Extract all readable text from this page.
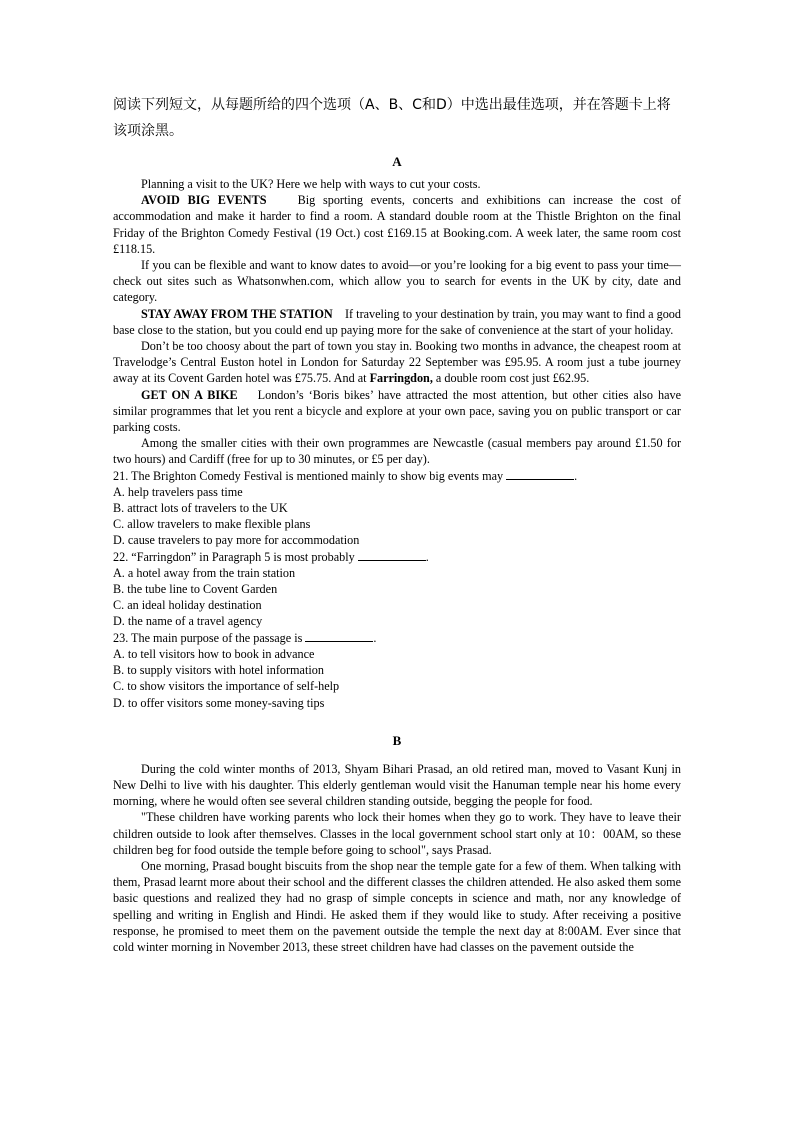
阅读下列短文，从每题所给的四个选项（A、B、C和D）中选出最佳选项，并在答题卡上将该项涂黑。

A

Planning a visit to the UK? Here we help with ways to cut your costs.

AVOID BIG EVENTS	Big sporting events, concerts and exhibitions can increase the cost of accommodation and make it harder to find a room. A standard double room at the Thistle Brighton on the final Friday of the Brighton Comedy Festival (19 Oct.) cost £169.15 at Booking.com. A week later, the same room cost £118.15.

If you can be flexible and want to know dates to avoid—or you’re looking for a big event to pass your time—check out sites such as Whatsonwhen.com, which allow you to search for events in the UK by city, date and category.

STAY AWAY FROM THE STATION If traveling to your destination by train, you may want to find a good base close to the station, but you could end up paying more for the sake of convenience at the start of your holiday.

Don’t be too choosy about the part of town you stay in. Booking two months in advance, the cheapest room at Travelodge’s Central Euston hotel in London for Saturday 22 September was £95.95. A room just a tube journey away at its Covent Garden hotel was £75.75. And at Farringdon, a double room cost just £62.95.

GET ON A BIKE London’s ‘Boris bikes’ have attracted the most attention, but other cities also have similar programmes that let you rent a bicycle and explore at your own pace, saving you on public transport or car parking costs.

Among the smaller cities with their own programmes are Newcastle (casual members pay around £1.50 for two hours) and Cardiff (free for up to 30 minutes, or £5 per day).

21. The Brighton Comedy Festival is mentioned mainly to show big events may	.

A. help travelers pass time

B. attract lots of travelers to the UK

C. allow travelers to make flexible plans

D. cause travelers to pay more for accommodation

22. “Farringdon” in Paragraph 5 is most probably	.

A. a hotel away from the train station

B. the tube line to Covent Garden

C. an ideal holiday destination

D. the name of a travel agency

23. The main purpose of the passage is	.

A. to tell visitors how to book in advance

B. to supply visitors with hotel information

C. to show visitors the importance of self-help

D. to offer visitors some money-saving tips

B

During the cold winter months of 2013, Shyam Bihari Prasad, an old retired man, moved to Vasant Kunj in New Delhi to live with his daughter. This elderly gentleman would visit the Hanuman temple near his home every morning, where he would often see several children standing outside, begging the people for food.

"These children have working parents who lock their homes when they go to work. They have to leave their children outside to look after themselves. Classes in the local government school start only at 10：00AM, so these children beg for food outside the temple before going to school", says Prasad.

One morning, Prasad bought biscuits from the shop near the temple gate for a few of them. When talking with them, Prasad learnt more about their school and the different classes the children attended. He also asked them some basic questions and realized they had no grasp of simple concepts in science and math, nor any knowledge of spelling and writing in English and Hindi. He asked them if they would like to study. After receiving a positive response, he promised to meet them on the pavement outside the temple the next day at 8:00AM. Ever since that cold winter morning in November 2013, these street children have had classes on the pavement outside the
